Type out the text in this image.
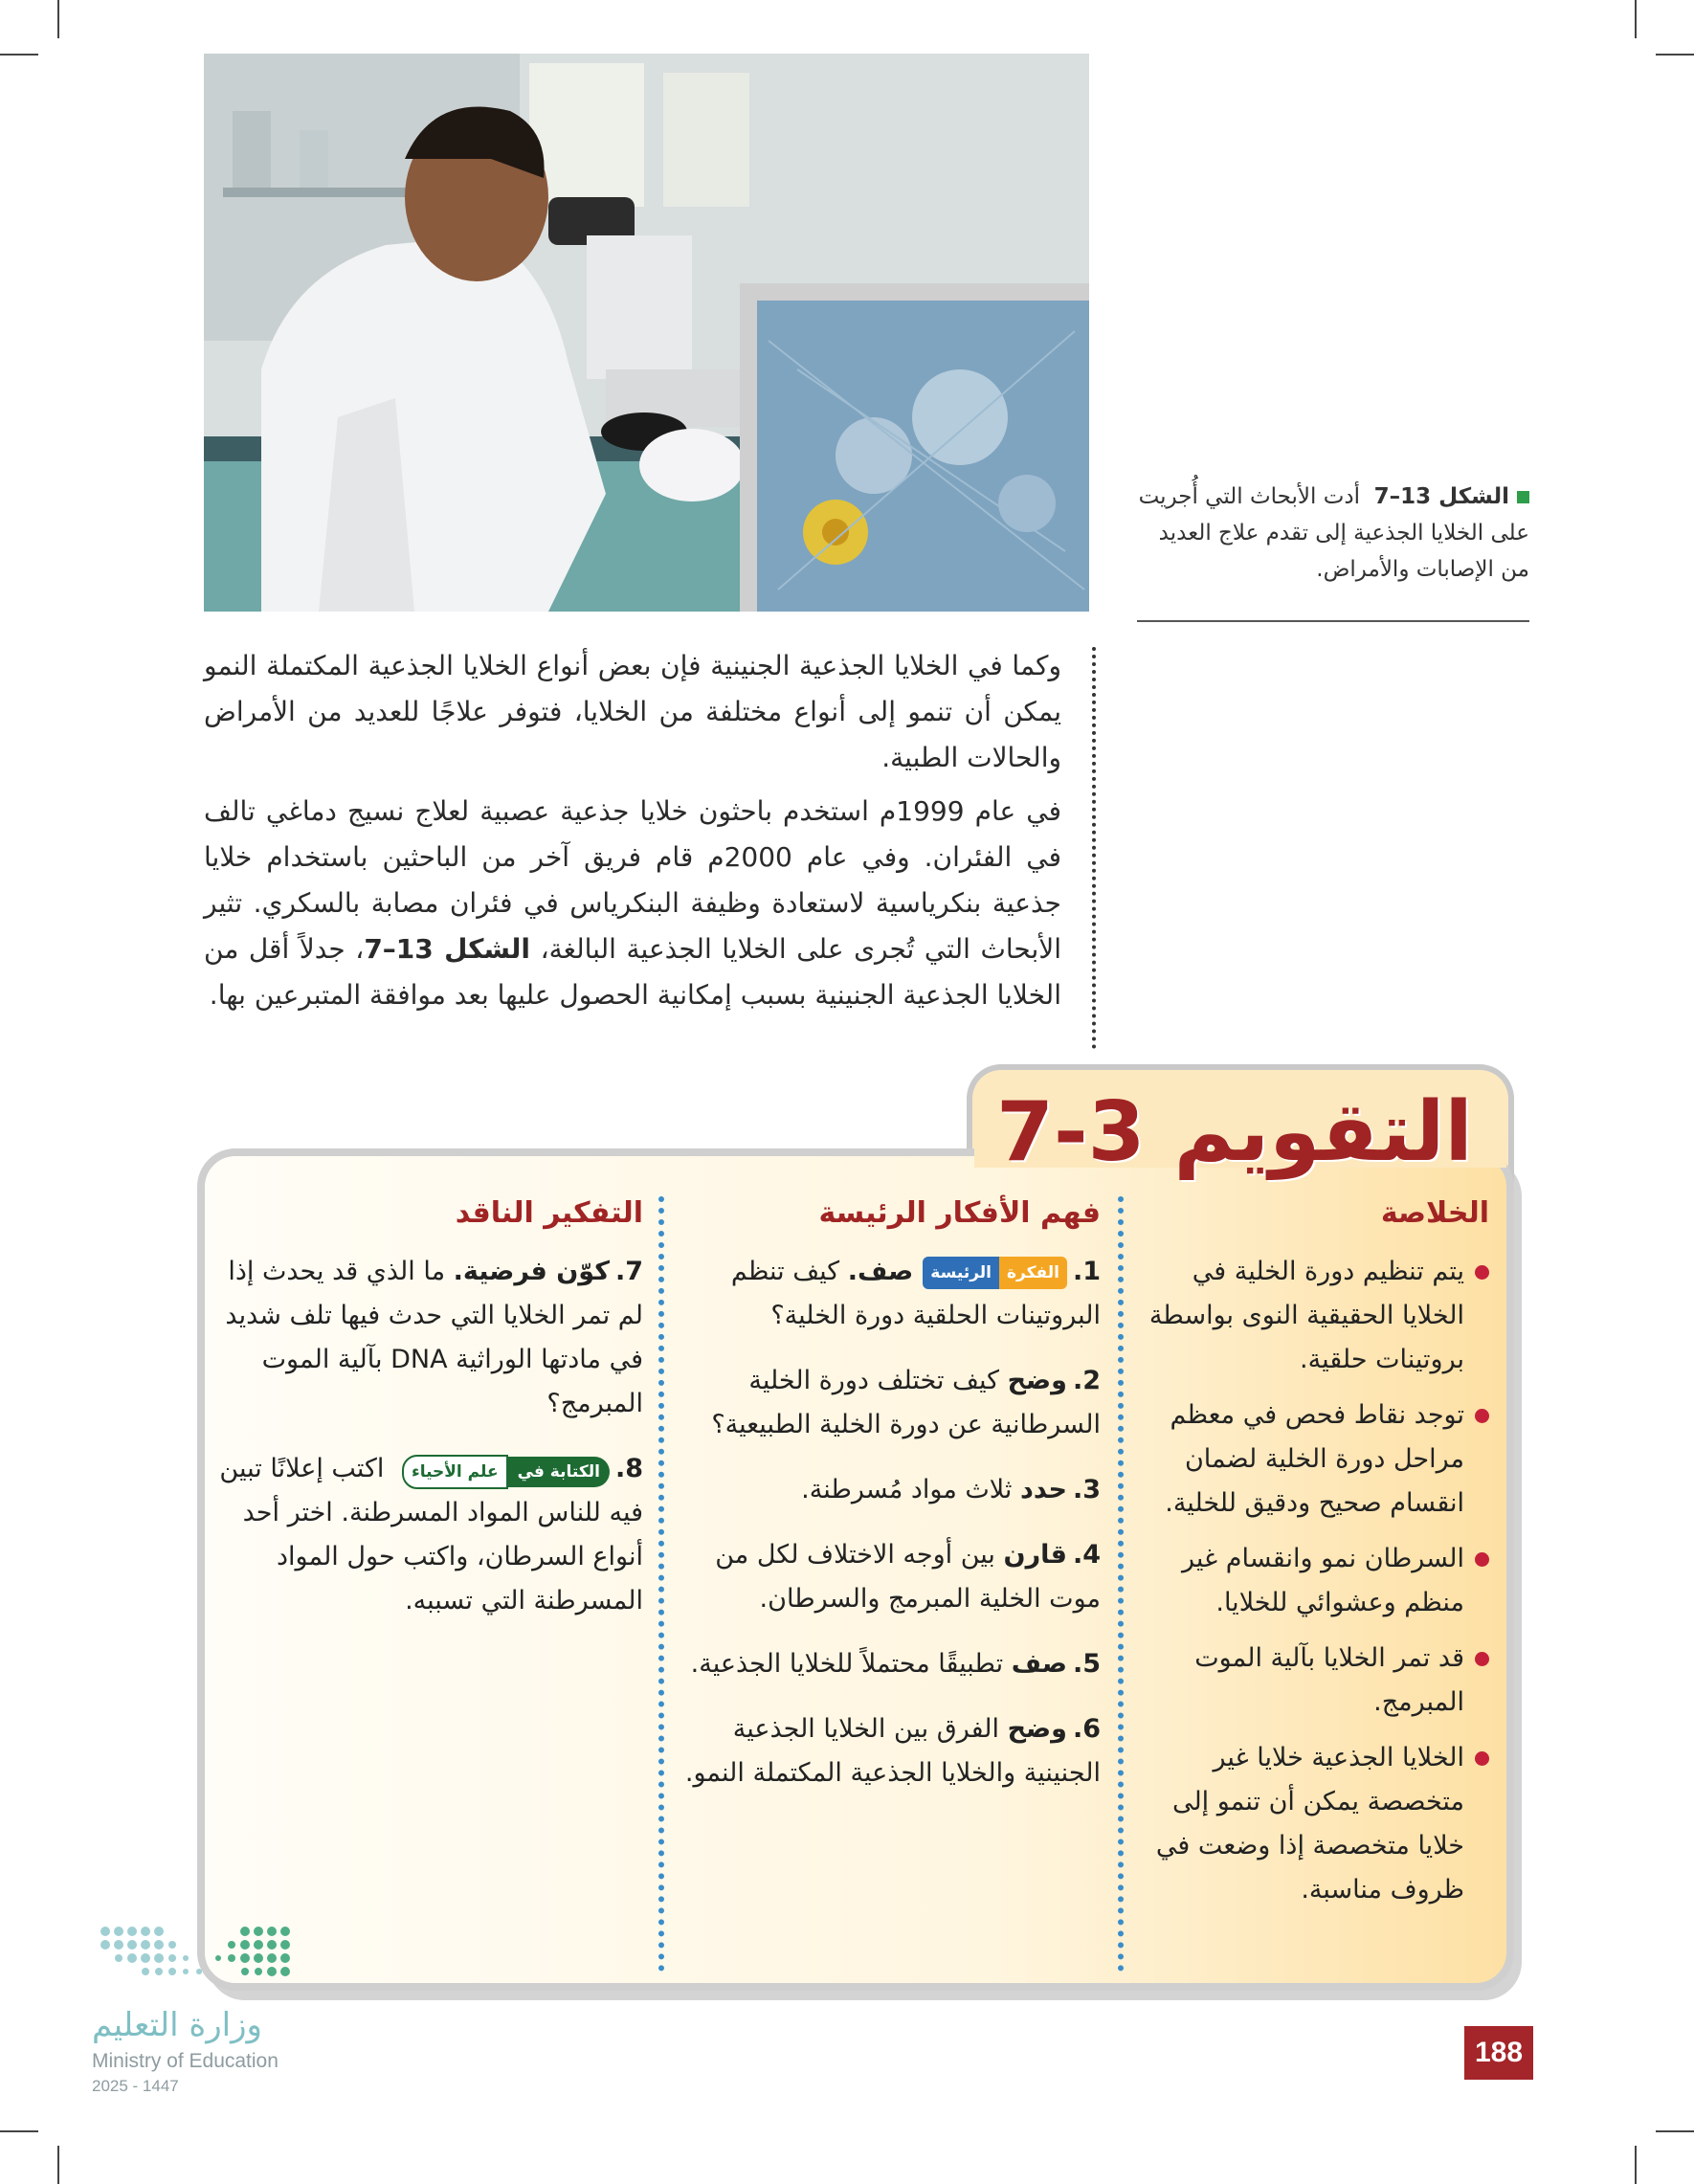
الشكل 13–7  أدت الأبحاث التي أُجريت على الخلايا الجذعية إلى تقدم علاج العديد من الإصابات والأمراض.

وكما في الخلايا الجذعية الجنينية فإن بعض أنواع الخلايا الجذعية المكتملة النمو يمكن أن تنمو إلى أنواع مختلفة من الخلايا، فتوفر علاجًا للعديد من الأمراض والحالات الطبية.

في عام 1999م استخدم باحثون خلايا جذعية عصبية لعلاج نسيج دماغي تالف في الفئران. وفي عام 2000م قام فريق آخر من الباحثين باستخدام خلايا جذعية بنكرياسية لاستعادة وظيفة البنكرياس في فئران مصابة بالسكري. تثير الأبحاث التي تُجرى على الخلايا الجذعية البالغة، الشكل 13–7، جدلاً أقل من الخلايا الجذعية الجنينية بسبب إمكانية الحصول عليها بعد موافقة المتبرعين بها.

التقويم 3-7
الخلاصة
يتم تنظيم دورة الخلية في الخلايا الحقيقية النوى بواسطة بروتينات حلقية.
توجد نقاط فحص في معظم مراحل دورة الخلية لضمان انقسام صحيح ودقيق للخلية.
السرطان نمو وانقسام غير منظم وعشوائي للخلايا.
قد تمر الخلايا بآلية الموت المبرمج.
الخلايا الجذعية خلايا غير متخصصة يمكن أن تنمو إلى خلايا متخصصة إذا وضعت في ظروف مناسبة.
فهم الأفكار الرئيسة
1.الفكرةالرئيسةصف. كيف تنظم البروتينات الحلقية دورة الخلية؟
2.وضح كيف تختلف دورة الخلية السرطانية عن دورة الخلية الطبيعية؟
3.حدد ثلاث مواد مُسرطنة.
4.قارن بين أوجه الاختلاف لكل من موت الخلية المبرمج والسرطان.
5.صف تطبيقًا محتملاً للخلايا الجذعية.
6.وضح الفرق بين الخلايا الجذعية الجنينية والخلايا الجذعية المكتملة النمو.
التفكير الناقد
7.كوّن فرضية. ما الذي قد يحدث إذا لم تمر الخلايا التي حدث فيها تلف شديد في مادتها الوراثية DNA بآلية الموت المبرمج؟
8.الكتابة فيعلم الأحياء اكتب إعلانًا تبين فيه للناس المواد المسرطنة. اختر أحد أنواع السرطان، واكتب حول المواد المسرطنة التي تسببه.
188
وزارة التعليم
Ministry of Education
2025 - 1447
